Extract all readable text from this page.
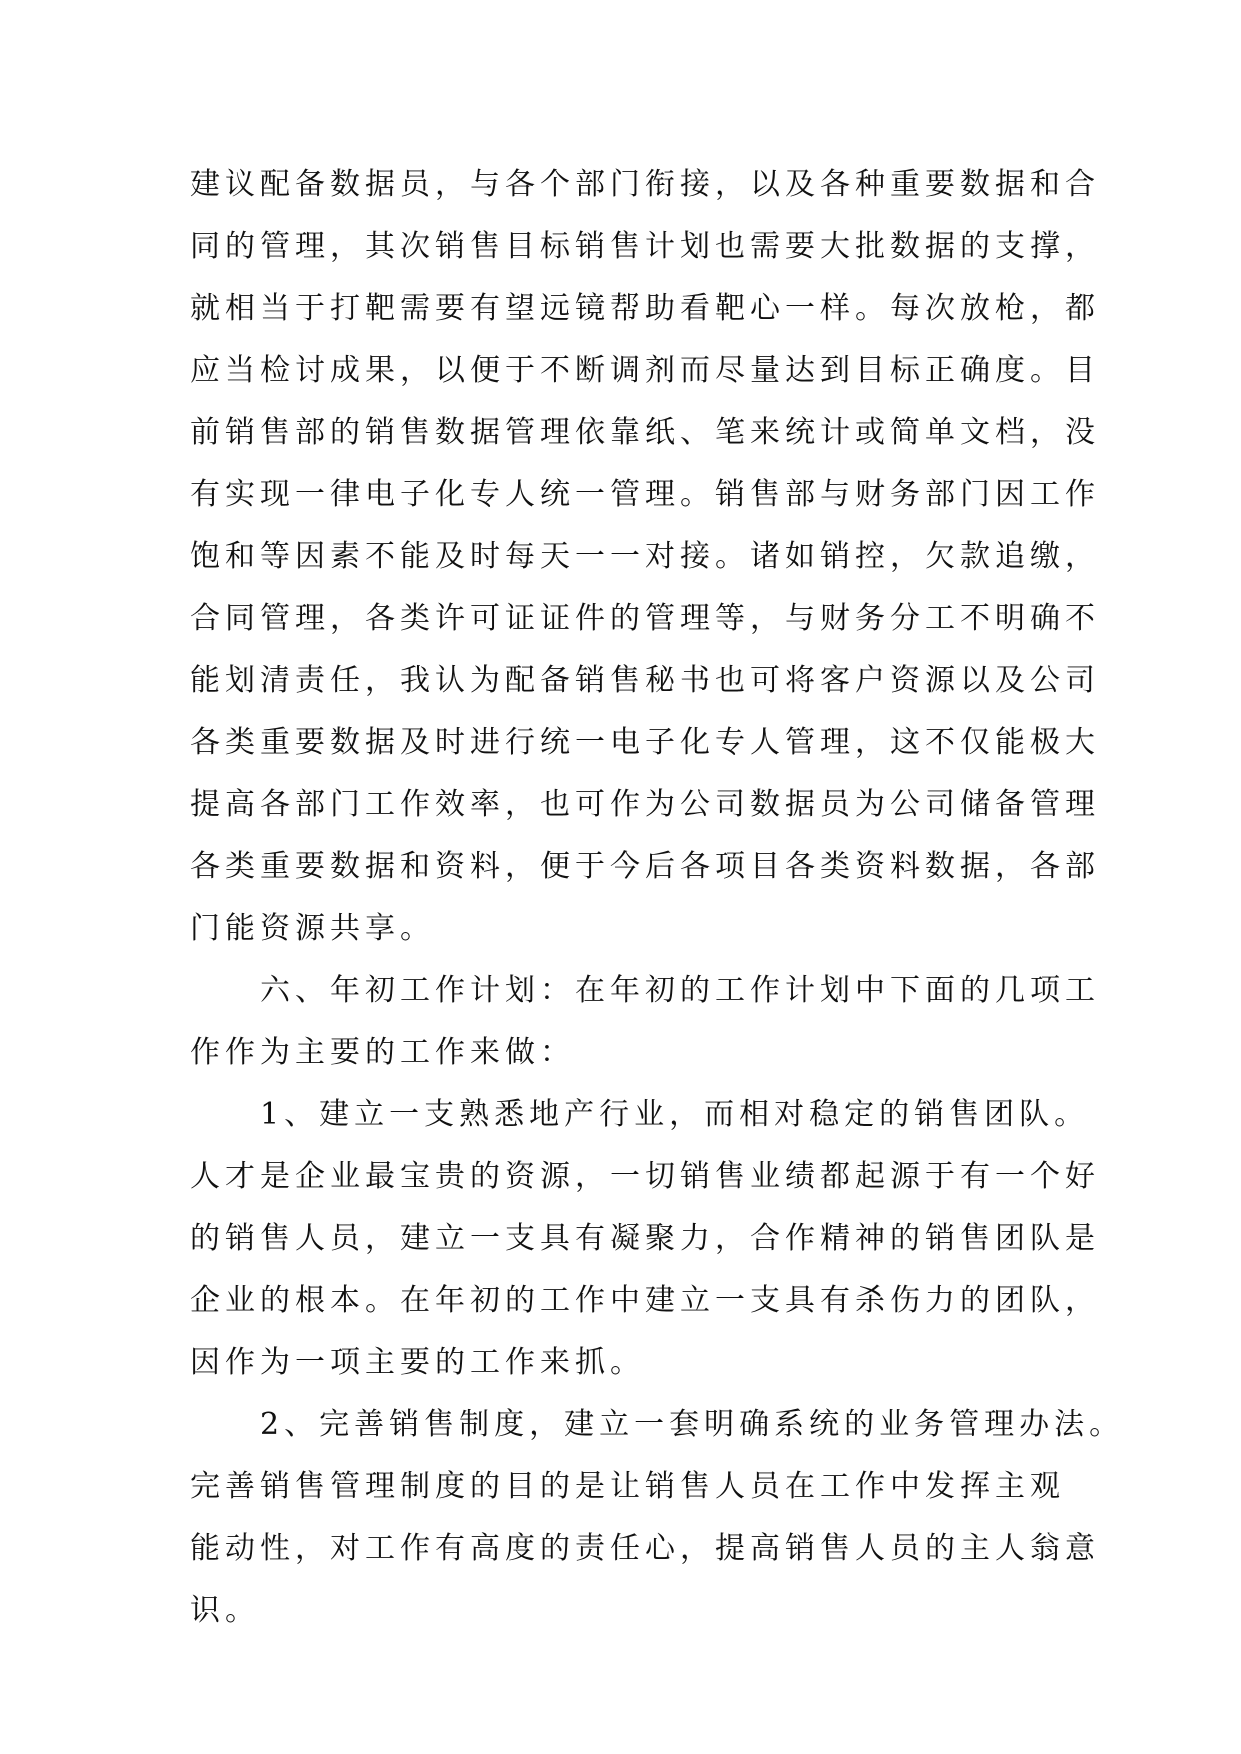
建议配备数据员，与各个部门衔接，以及各种重要数据和合
同的管理，其次销售目标销售计划也需要大批数据的支撑，
就相当于打靶需要有望远镜帮助看靶心一样。每次放枪，都
应当检讨成果，以便于不断调剂而尽量达到目标正确度。目
前销售部的销售数据管理依靠纸、笔来统计或简单文档，没
有实现一律电子化专人统一管理。销售部与财务部门因工作
饱和等因素不能及时每天一一对接。诸如销控，欠款追缴，
合同管理，各类许可证证件的管理等，与财务分工不明确不
能划清责任，我认为配备销售秘书也可将客户资源以及公司
各类重要数据及时进行统一电子化专人管理，这不仅能极大
提高各部门工作效率，也可作为公司数据员为公司储备管理
各类重要数据和资料，便于今后各项目各类资料数据，各部
门能资源共享。
　　六、年初工作计划：在年初的工作计划中下面的几项工
作作为主要的工作来做：
　　1、建立一支熟悉地产行业，而相对稳定的销售团队。
人才是企业最宝贵的资源，一切销售业绩都起源于有一个好
的销售人员，建立一支具有凝聚力，合作精神的销售团队是
企业的根本。在年初的工作中建立一支具有杀伤力的团队，
因作为一项主要的工作来抓。
　　2、完善销售制度，建立一套明确系统的业务管理办法。
完善销售管理制度的目的是让销售人员在工作中发挥主观
能动性，对工作有高度的责任心，提高销售人员的主人翁意
识。
